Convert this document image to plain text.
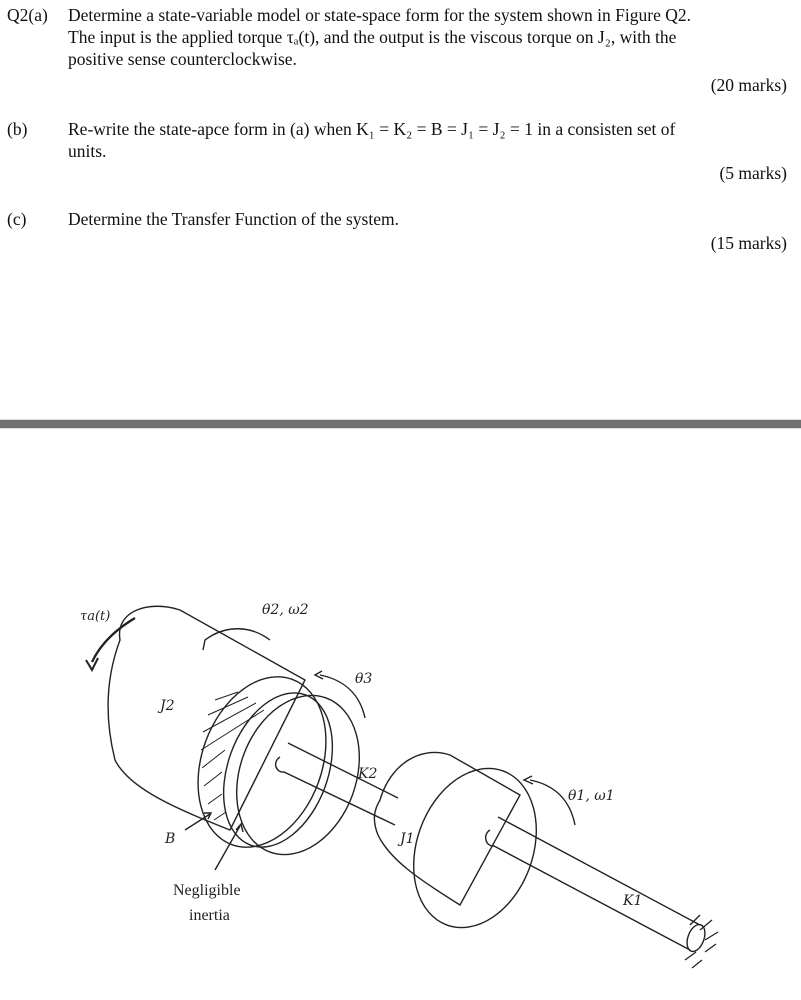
Q2(a) Determine a state-variable model or state-space form for the system shown in Figure Q2.
The input is the applied torque τₐ(t), and the output is the viscous torque on J₂, with the
positive sense counterclockwise.
(20 marks)
(b) Re-write the state-apce form in (a) when K₁ = K₂ = B = J₁ = J₂ = 1 in a consisten set of
units.
(5 marks)
(c) Determine the Transfer Function of the system.
(15 marks)
τa(t)	θ2, ω2
θ3
J2
K2
θ1, ω1
J1
B
K1
Negligible
inertia
